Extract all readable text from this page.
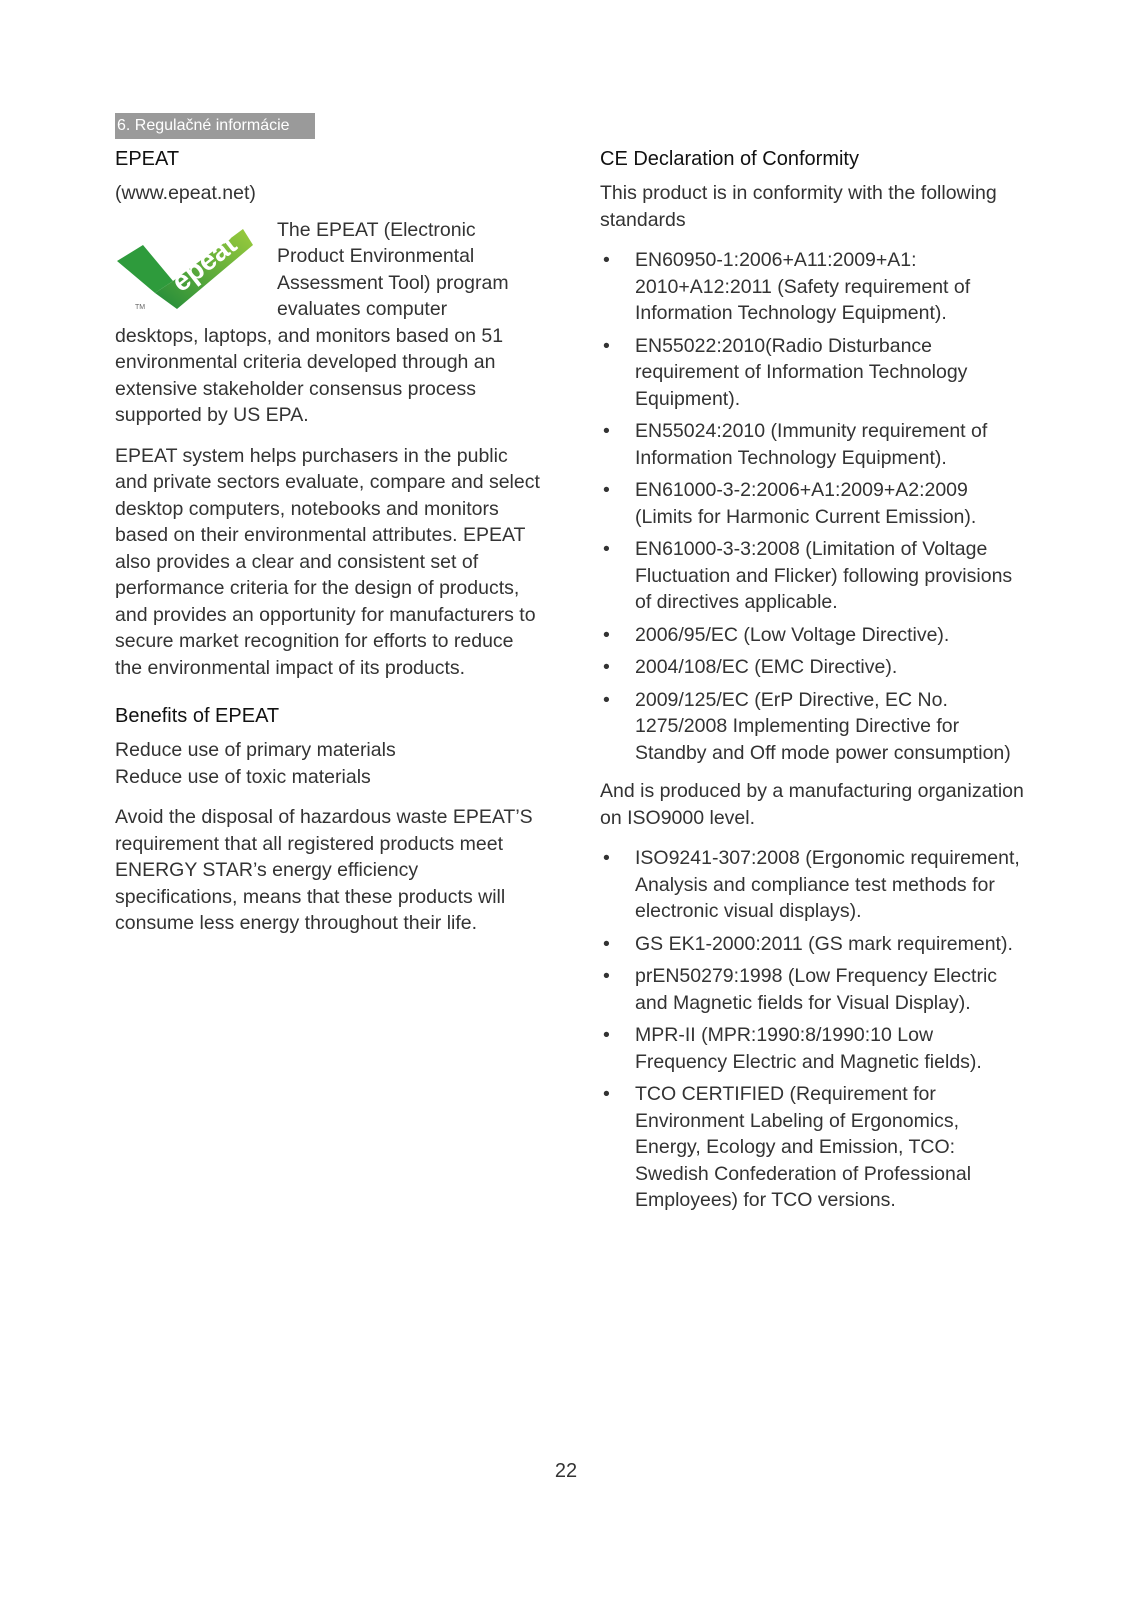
6. Regulačné informácie
EPEAT

(www.epeat.net)

epeat
TM
The EPEAT (Electronic
Product Environmental
Assessment Tool) program
evaluates computer

desktops, laptops, and monitors based on 51 environmental criteria developed through an extensive stakeholder consensus process supported by US EPA.

EPEAT system helps purchasers in the public and private sectors evaluate, compare and select desktop computers, notebooks and monitors based on their environmental attributes. EPEAT also provides a clear and consistent set of performance criteria for the design of products, and provides an opportunity for manufacturers to secure market recognition for efforts to reduce the environmental impact of its products.

Benefits of EPEAT

Reduce use of primary materials

Reduce use of toxic materials

Avoid the disposal of hazardous waste EPEAT’S requirement that all registered products meet ENERGY STAR’s energy efficiency specifications, means that these products will consume less energy throughout their life.

CE Declaration of Conformity

This product is in conformity with the following standards

• EN60950-1:2006+A11:2009+A1: 2010+A12:2011 (Safety requirement of Information Technology Equipment).
• EN55022:2010(Radio Disturbance requirement of Information Technology Equipment).
• EN55024:2010 (Immunity requirement of Information Technology Equipment).
• EN61000-3-2:2006+A1:2009+A2:2009 (Limits for Harmonic Current Emission).
• EN61000-3-3:2008 (Limitation of Voltage Fluctuation and Flicker) following provisions of directives applicable.
• 2006/95/EC (Low Voltage Directive).
• 2004/108/EC (EMC Directive).
• 2009/125/EC (ErP Directive, EC No. 1275/2008 Implementing Directive for Standby and Off mode power consumption)

And is produced by a manufacturing organization on ISO9000 level.

• ISO9241-307:2008 (Ergonomic requirement, Analysis and compliance test methods for electronic visual displays).
• GS EK1-2000:2011 (GS mark requirement).
• prEN50279:1998 (Low Frequency Electric and Magnetic fields for Visual Display).
• MPR-II (MPR:1990:8/1990:10 Low Frequency Electric and Magnetic fields).
• TCO CERTIFIED (Requirement for Environment Labeling of Ergonomics, Energy, Ecology and Emission, TCO: Swedish Confederation of Professional Employees) for TCO versions.
22
